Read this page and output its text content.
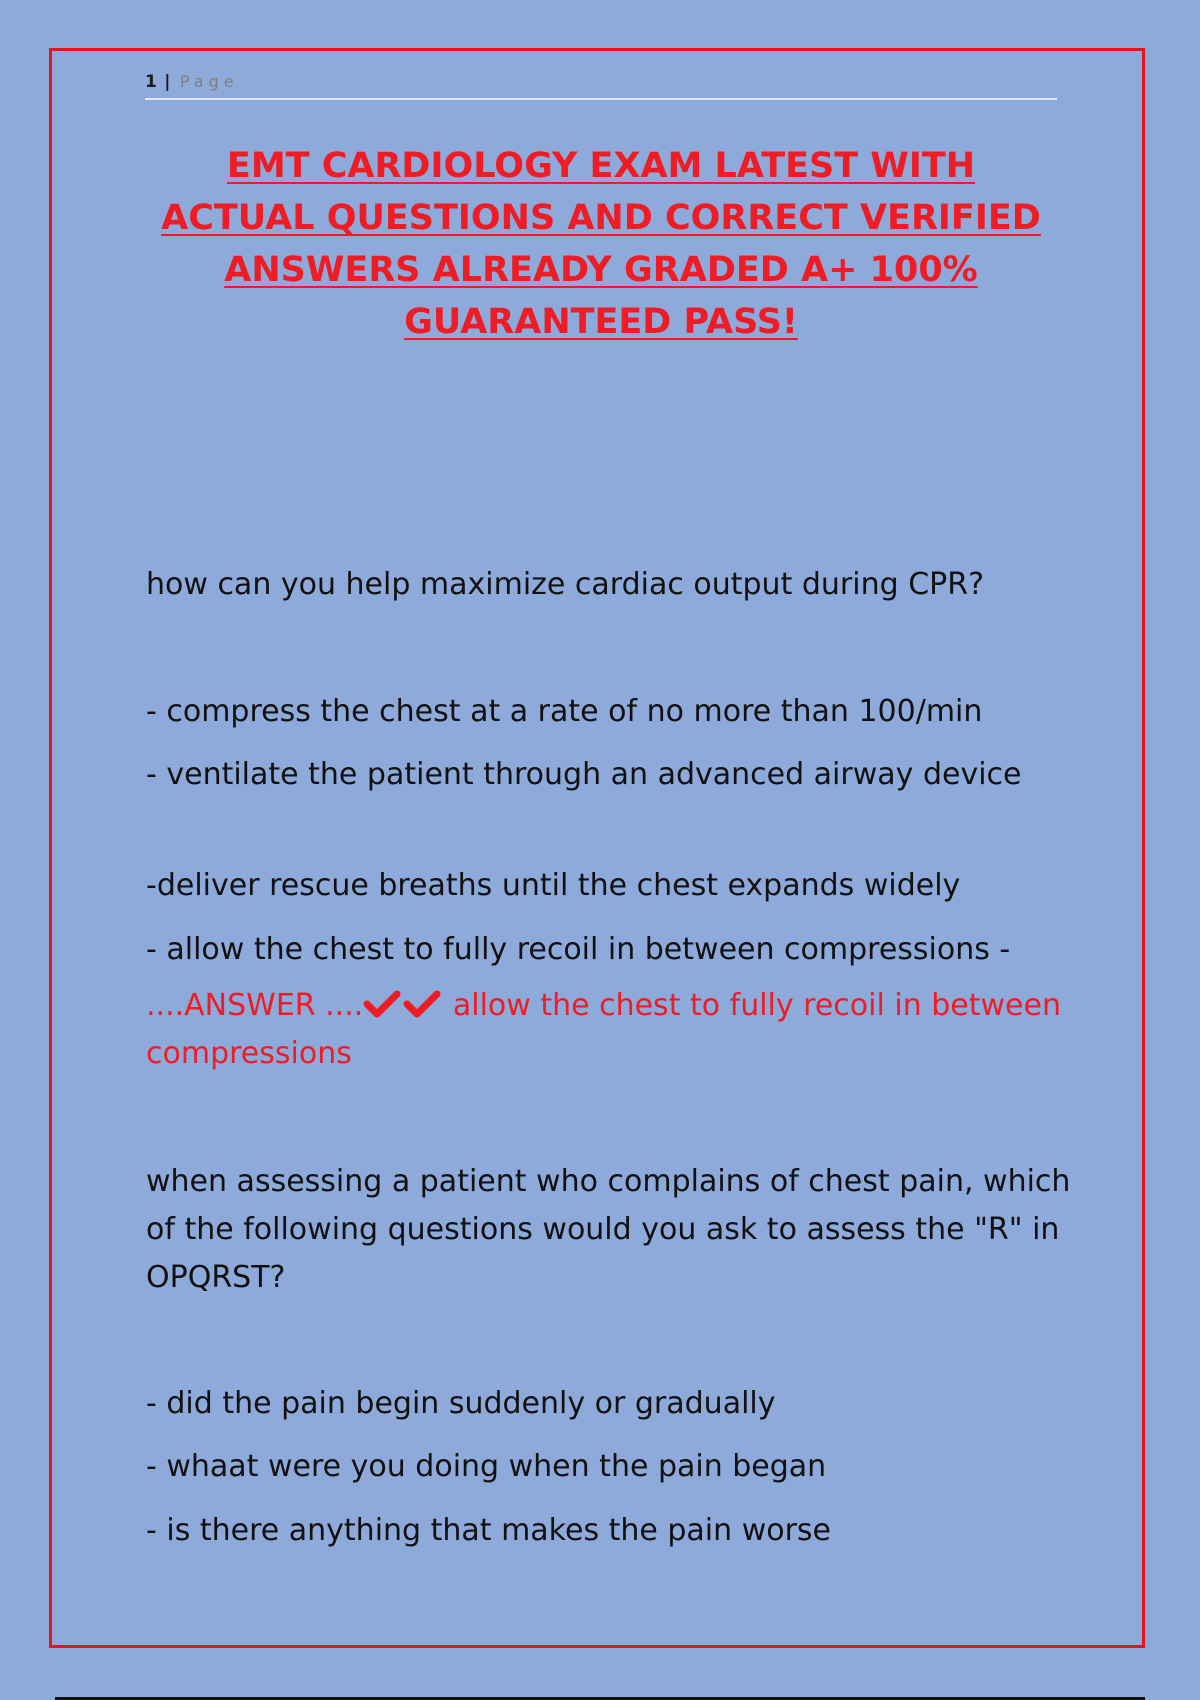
1 | Page
EMT CARDIOLOGY EXAM LATEST WITH ACTUAL QUESTIONS AND CORRECT VERIFIED ANSWERS ALREADY GRADED A+ 100% GUARANTEED PASS!

how can you help maximize cardiac output during CPR?

- compress the chest at a rate of no more than 100/min

- ventilate the patient through an advanced airway device

-deliver rescue breaths until the chest expands widely

- allow the chest to fully recoil in between compressions -

....ANSWER ....	allow the chest to fully recoil in between compressions

when assessing a patient who complains of chest pain, which of the following questions would you ask to assess the "R" in OPQRST?

- did the pain begin suddenly or gradually

- whaat were you doing when the pain began

- is there anything that makes the pain worse
